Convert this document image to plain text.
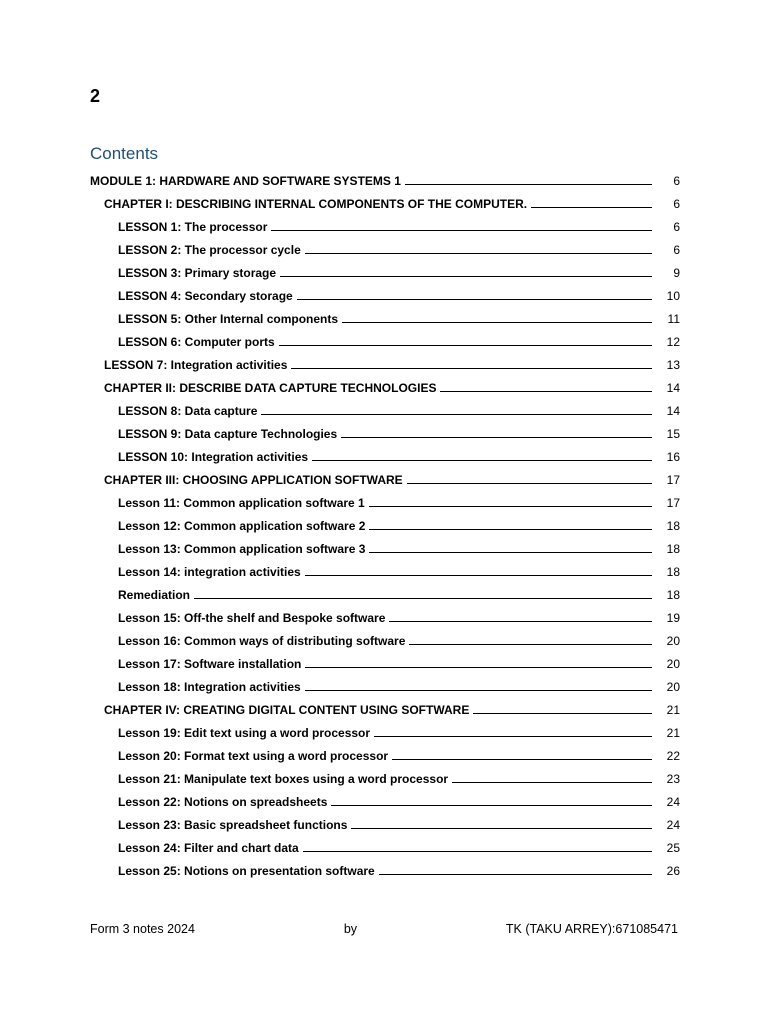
2
Contents
MODULE 1: HARDWARE AND SOFTWARE SYSTEMS 1	6
CHAPTER I: DESCRIBING INTERNAL COMPONENTS OF THE COMPUTER.	6
LESSON 1: The processor	6
LESSON 2: The processor cycle	6
LESSON 3: Primary storage	9
LESSON 4: Secondary storage	10
LESSON 5: Other Internal components	11
LESSON 6: Computer ports	12
LESSON 7: Integration activities	13
CHAPTER II: DESCRIBE DATA CAPTURE TECHNOLOGIES	14
LESSON 8: Data capture	14
LESSON 9: Data capture Technologies	15
LESSON 10: Integration activities	16
CHAPTER III: CHOOSING APPLICATION SOFTWARE	17
Lesson 11: Common application software 1	17
Lesson 12: Common application software 2	18
Lesson 13: Common application software 3	18
Lesson 14: integration activities	18
Remediation	18
Lesson 15: Off-the shelf and Bespoke software	19
Lesson 16: Common ways of distributing software	20
Lesson 17: Software installation	20
Lesson 18: Integration activities	20
CHAPTER IV: CREATING DIGITAL CONTENT USING SOFTWARE	21
Lesson 19: Edit text using a word processor	21
Lesson 20: Format text using a word processor	22
Lesson 21: Manipulate text boxes using a word processor	23
Lesson 22: Notions on spreadsheets	24
Lesson 23: Basic spreadsheet functions	24
Lesson 24: Filter and chart data	25
Lesson 25: Notions on presentation software	26
Form 3 notes 2024	by	TK (TAKU ARREY):671085471
